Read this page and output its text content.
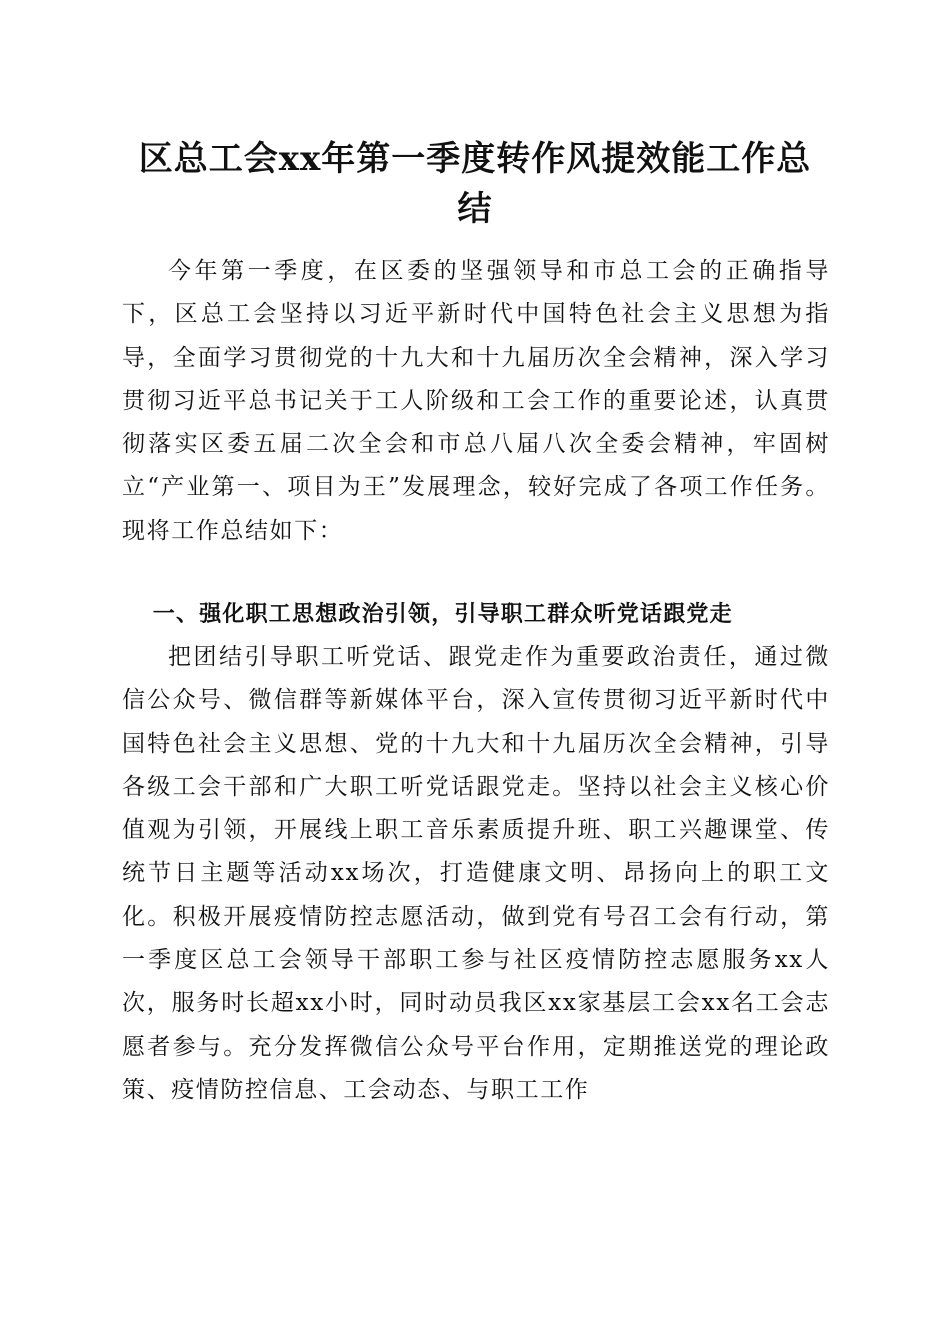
区总工会xx年第一季度转作风提效能工作总结

今年第一季度，在区委的坚强领导和市总工会的正确指导下，区总工会坚持以习近平新时代中国特色社会主义思想为指导，全面学习贯彻党的十九大和十九届历次全会精神，深入学习贯彻习近平总书记关于工人阶级和工会工作的重要论述，认真贯彻落实区委五届二次全会和市总八届八次全委会精神，牢固树立“产业第一、项目为王”发展理念，较好完成了各项工作任务。现将工作总结如下：

一、强化职工思想政治引领，引导职工群众听党话跟党走

把团结引导职工听党话、跟党走作为重要政治责任，通过微信公众号、微信群等新媒体平台，深入宣传贯彻习近平新时代中国特色社会主义思想、党的十九大和十九届历次全会精神，引导各级工会干部和广大职工听党话跟党走。坚持以社会主义核心价值观为引领，开展线上职工音乐素质提升班、职工兴趣课堂、传统节日主题等活动xx场次，打造健康文明、昂扬向上的职工文化。积极开展疫情防控志愿活动，做到党有号召工会有行动，第一季度区总工会领导干部职工参与社区疫情防控志愿服务xx人次，服务时长超xx小时，同时动员我区xx家基层工会xx名工会志愿者参与。充分发挥微信公众号平台作用，定期推送党的理论政策、疫情防控信息、工会动态、与职工工作
